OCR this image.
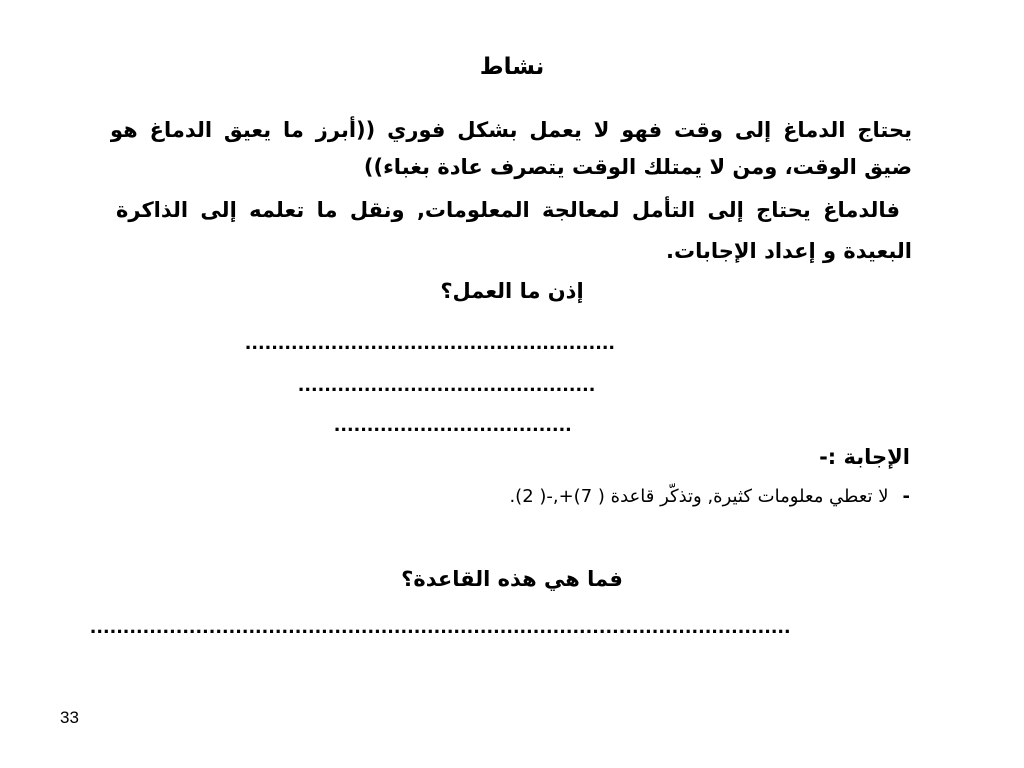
نشاط
يحتاج الدماغ إلى وقت فهو لا يعمل بشكل فوري ((أبرز ما يعيق الدماغ هو
ضيق الوقت، ومن لا يمتلك الوقت يتصرف عادة بغباء))
فالدماغ يحتاج إلى التأمل لمعالجة المعلومات, ونقل ما تعلمه إلى الذاكرة
البعيدة و إعداد الإجابات.
إذن ما العمل؟
........................................................
.............................................
....................................
الإجابة :-
-لا تعطي معلومات كثيرة, وتذكّر قاعدة ( 7)+,-( 2).
فما هي هذه القاعدة؟
..........................................................................................................
33
